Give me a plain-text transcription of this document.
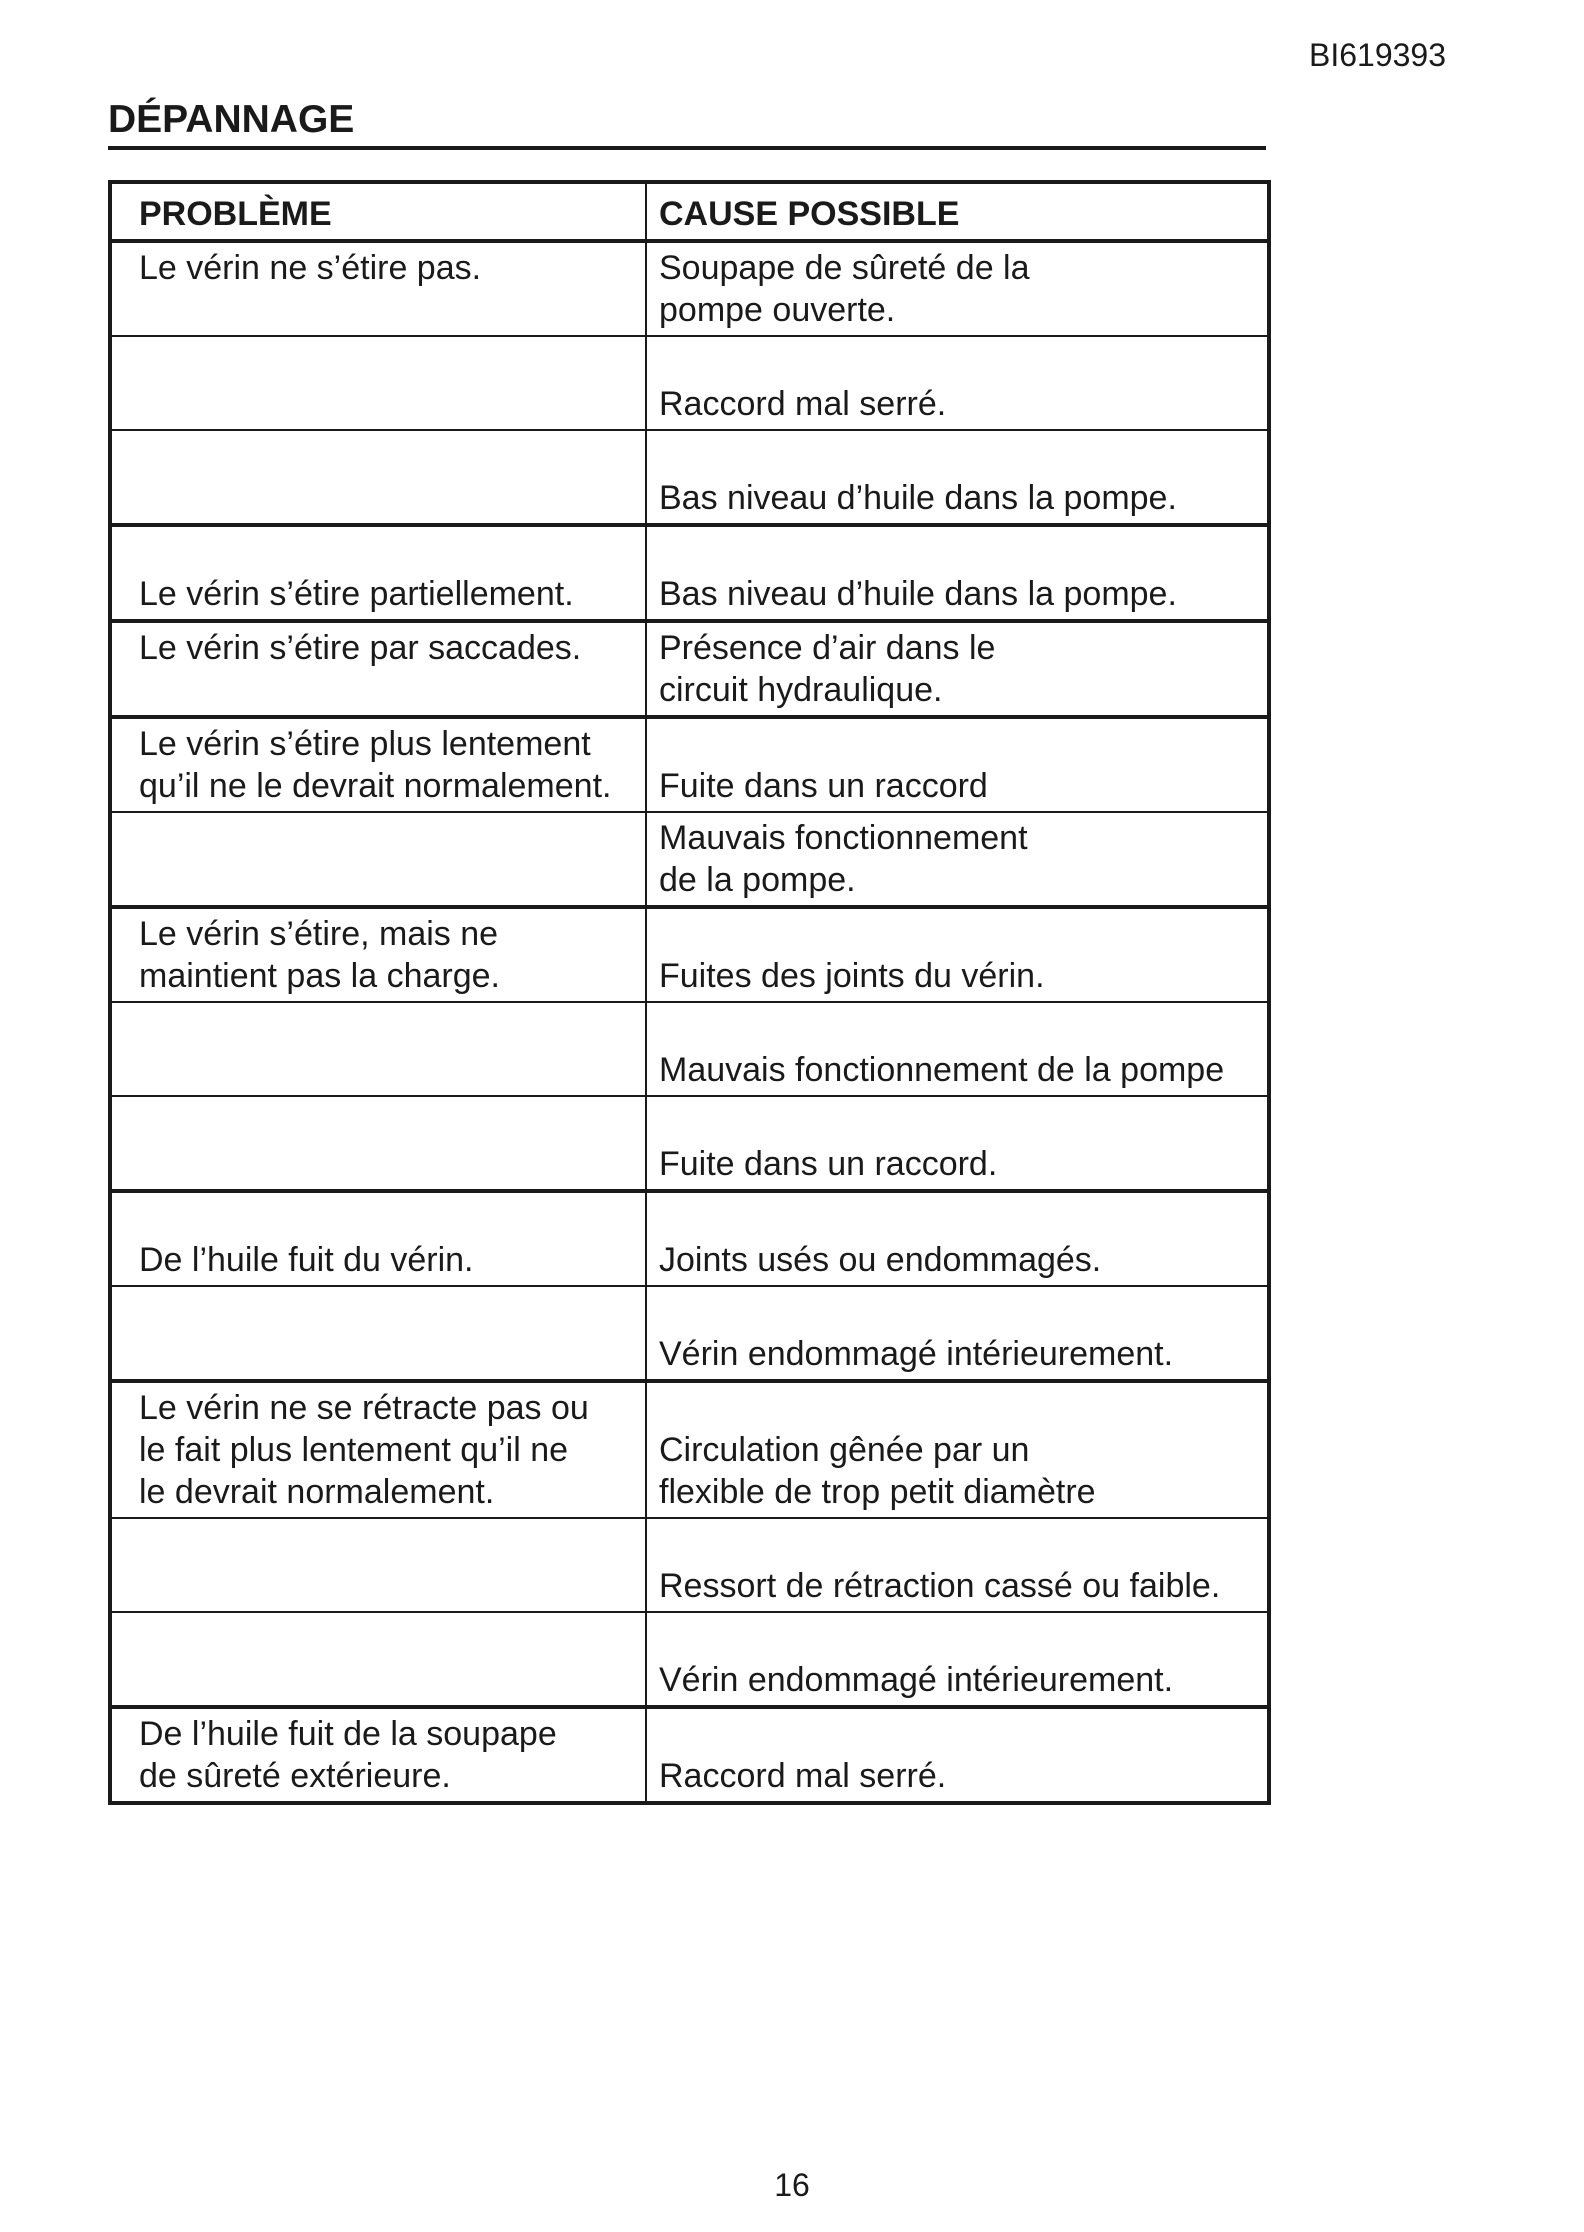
BI619393
DÉPANNAGE
PROBLÈME	CAUSE POSSIBLE
Le vérin ne s’étire pas.	Soupape de sûreté de la
pompe ouverte.
	Raccord mal serré.
	Bas niveau d’huile dans la pompe.
Le vérin s’étire partiellement.	Bas niveau d’huile dans la pompe.
Le vérin s’étire par saccades.	Présence d’air dans le
circuit hydraulique.
Le vérin s’étire plus lentement
qu’il ne le devrait normalement.	Fuite dans un raccord
	Mauvais fonctionnement
de la pompe.
Le vérin s’étire, mais ne
maintient pas la charge.	Fuites des joints du vérin.
	Mauvais fonctionnement de la pompe
	Fuite dans un raccord.
De l’huile fuit du vérin.	Joints usés ou endommagés.
	Vérin endommagé intérieurement.
Le vérin ne se rétracte pas ou
le fait plus lentement qu’il ne
le devrait normalement.	Circulation gênée par un
flexible de trop petit diamètre
	Ressort de rétraction cassé ou faible.
	Vérin endommagé intérieurement.
De l’huile fuit de la soupape
de sûreté extérieure.	Raccord mal serré.
16
